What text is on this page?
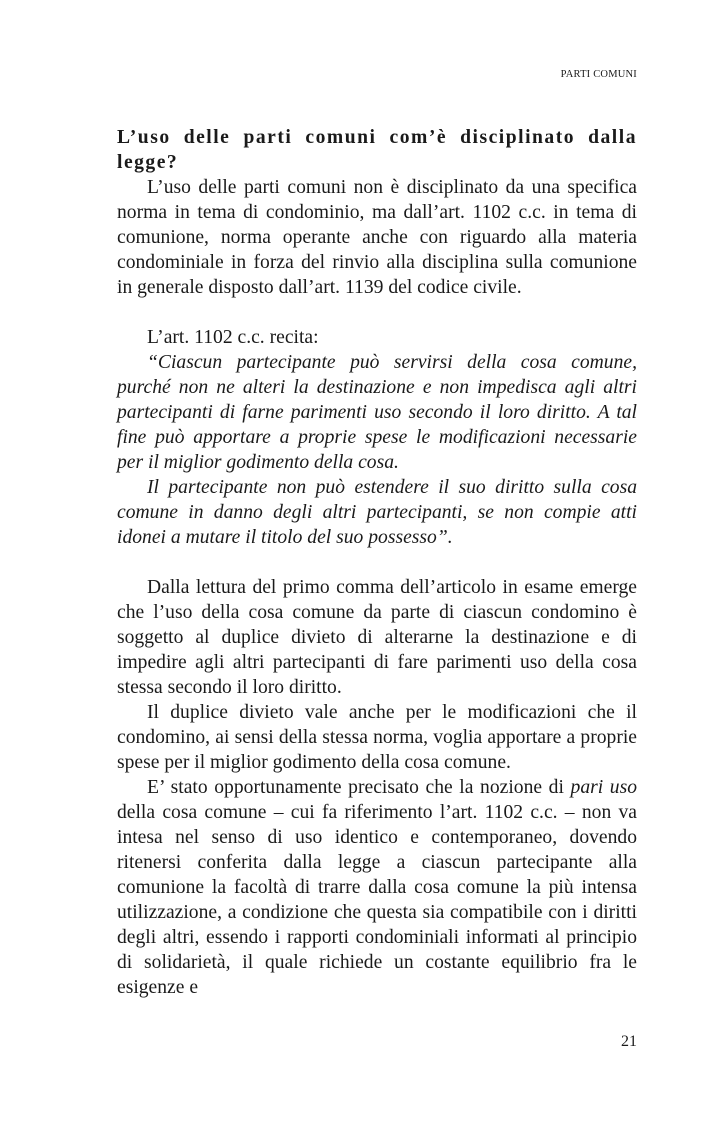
PARTI COMUNI

L’uso delle parti comuni com’è disciplinato dalla legge?

L’uso delle parti comuni non è disciplinato da una specifica norma in tema di condominio, ma dall’art. 1102 c.c. in tema di comunione, norma operante anche con riguardo alla materia condominiale in forza del rinvio alla disciplina sulla comunione in generale disposto dall’art. 1139 del codice civile.

L’art. 1102 c.c. recita:

“Ciascun partecipante può servirsi della cosa comune, purché non ne alteri la destinazione e non impedisca agli altri partecipanti di farne parimenti uso secondo il loro diritto. A tal fine può apportare a proprie spese le modificazioni necessarie per il miglior godimento della cosa.

Il partecipante non può estendere il suo diritto sulla cosa comune in danno degli altri partecipanti, se non compie atti idonei a mutare il titolo del suo possesso”.

Dalla lettura del primo comma dell’articolo in esame emerge che l’uso della cosa comune da parte di ciascun condomino è soggetto al duplice divieto di alterarne la destinazione e di impedire agli altri partecipanti di fare parimenti uso della cosa stessa secondo il loro diritto.

Il duplice divieto vale anche per le modificazioni che il condomino, ai sensi della stessa norma, voglia apportare a proprie spese per il miglior godimento della cosa comune.

E’ stato opportunamente precisato che la nozione di pari uso della cosa comune – cui fa riferimento l’art. 1102 c.c. – non va intesa nel senso di uso identico e contemporaneo, dovendo ritenersi conferita dalla legge a ciascun partecipante alla comunione la facoltà di trarre dalla cosa comune la più intensa utilizzazione, a condizione che questa sia compatibile con i diritti degli altri, essendo i rapporti condominiali informati al principio di solidarietà, il quale richiede un costante equilibrio fra le esigenze e

21
